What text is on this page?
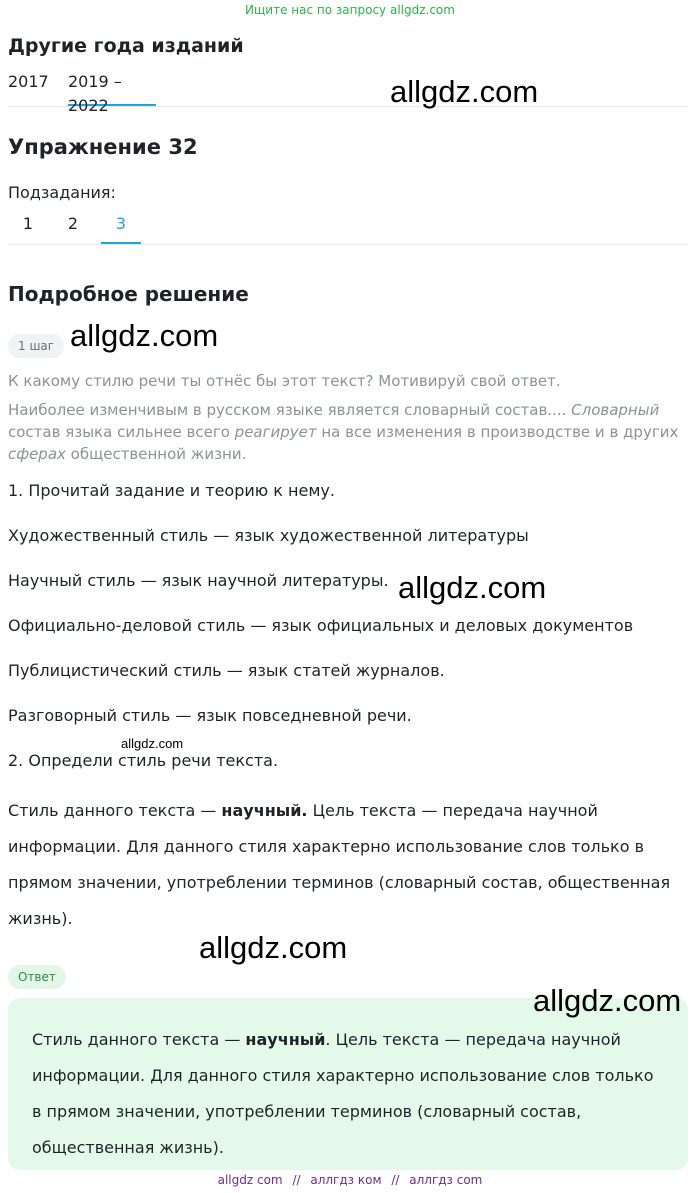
Ищите нас по запросу allgdz.com
Другие года изданий
2017 2019 – 2022
Упражнение 32
Подзадания:
1	2	3
Подробное решение
1 шаг
К какому стилю речи ты отнёс бы этот текст? Мотивируй свой ответ.
Наиболее изменчивым в русском языке является словарный состав.... Словарный состав языка сильнее всего реагирует на все изменения в производстве и в других сферах общественной жизни.
1. Прочитай задание и теорию к нему.
Художественный стиль — язык художественной литературы
Научный стиль — язык научной литературы.
Официально-деловой стиль — язык официальных и деловых документов
Публицистический стиль — язык статей журналов.
Разговорный стиль — язык повседневной речи.
2. Определи стиль речи текста.
Стиль данного текста — научный. Цель текста — передача научной информации. Для данного стиля характерно использование слов только в прямом значении, употреблении терминов (словарный состав, общественная жизнь).
Ответ
Стиль данного текста — научный. Цель текста — передача научной информации. Для данного стиля характерно использование слов только в прямом значении, употреблении терминов (словарный состав, общественная жизнь).
allgdz.com
allgdz.com
allgdz.com
allgdz.com
allgdz.com
allgdz.com
allgdz com // аллгдз ком // аллгдз com
